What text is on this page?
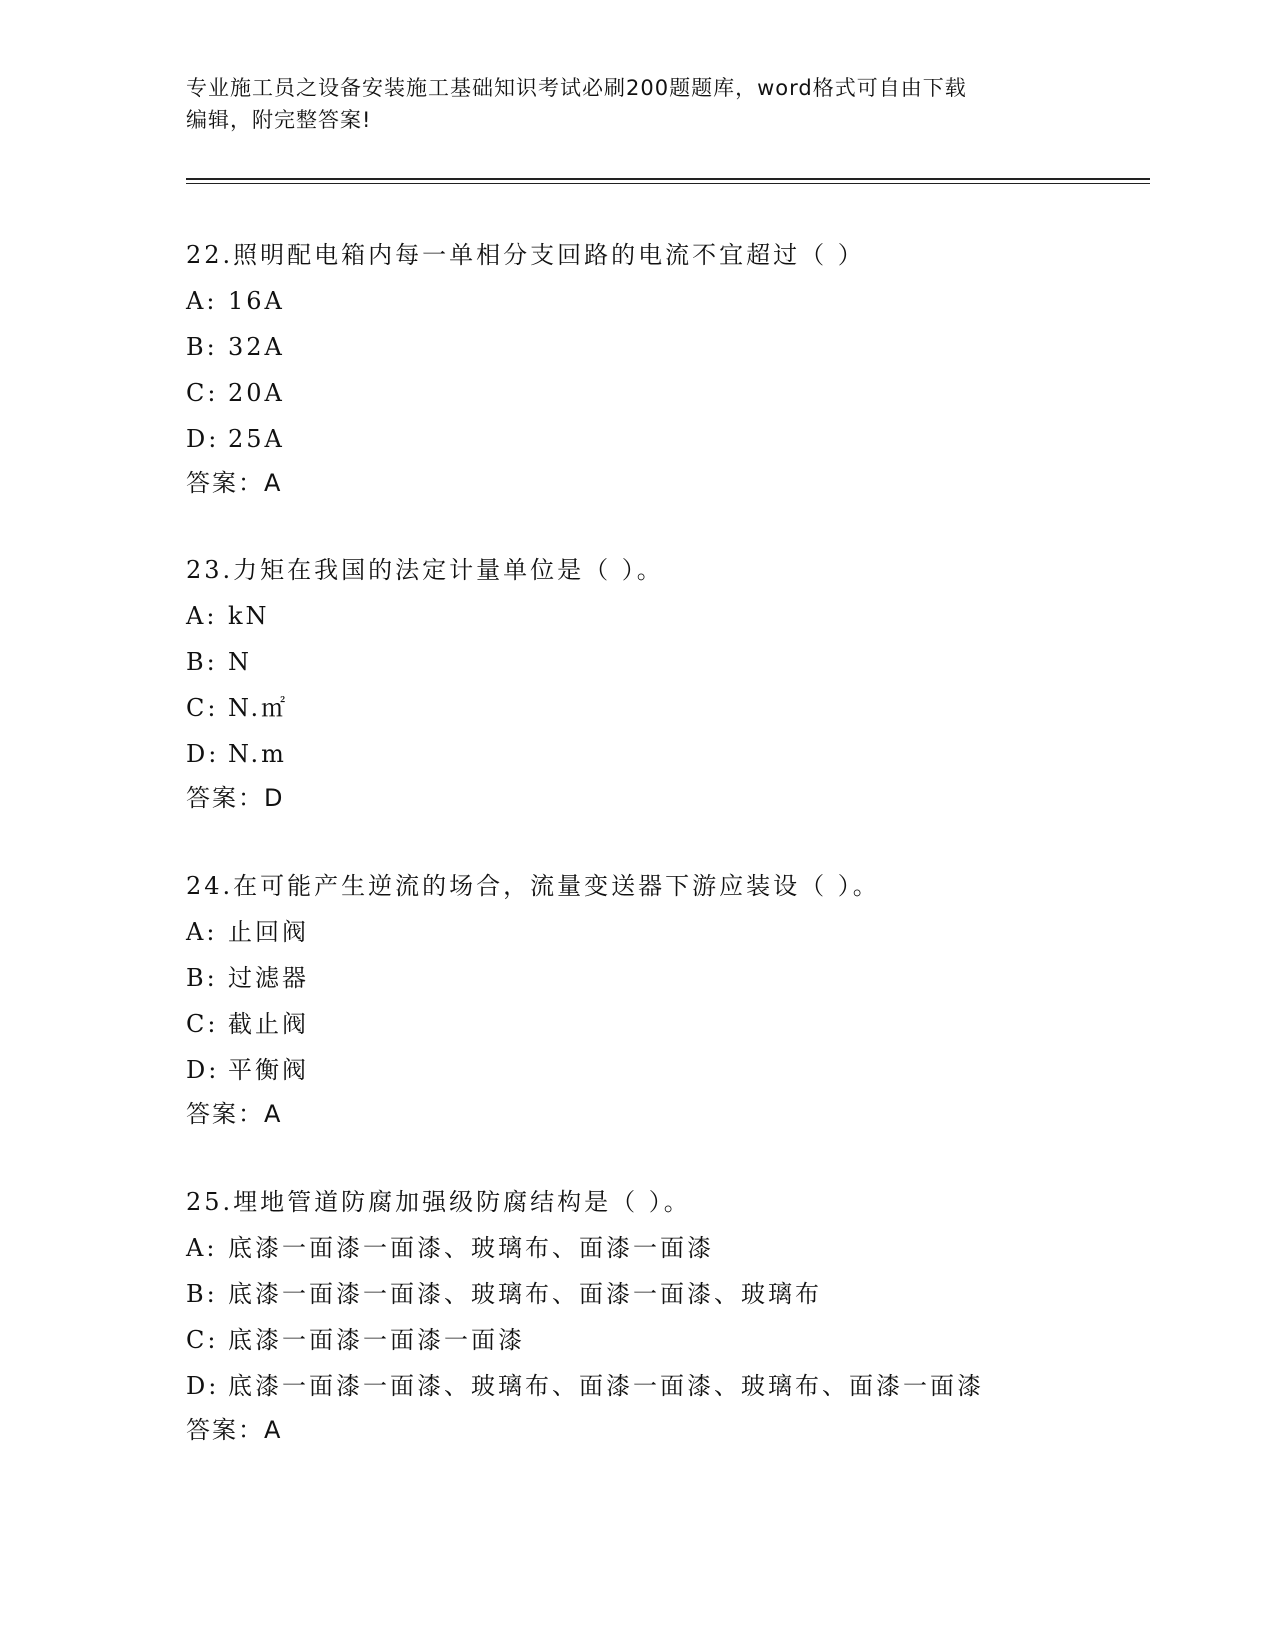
专业施工员之设备安装施工基础知识考试必刷200题题库，word格式可自由下载
编辑，附完整答案!
22.照明配电箱内每一单相分支回路的电流不宜超过（ ）
A: 16A
B: 32A
C: 20A
D: 25A
答案：A
23.力矩在我国的法定计量单位是（ ）。
A: kN
B: N
C: N.㎡
D: N.m
答案：D
24.在可能产生逆流的场合，流量变送器下游应装设（ ）。
A: 止回阀
B: 过滤器
C: 截止阀
D: 平衡阀
答案：A
25.埋地管道防腐加强级防腐结构是（ ）。
A: 底漆一面漆一面漆、玻璃布、面漆一面漆
B: 底漆一面漆一面漆、玻璃布、面漆一面漆、玻璃布
C: 底漆一面漆一面漆一面漆
D: 底漆一面漆一面漆、玻璃布、面漆一面漆、玻璃布、面漆一面漆
答案：A
